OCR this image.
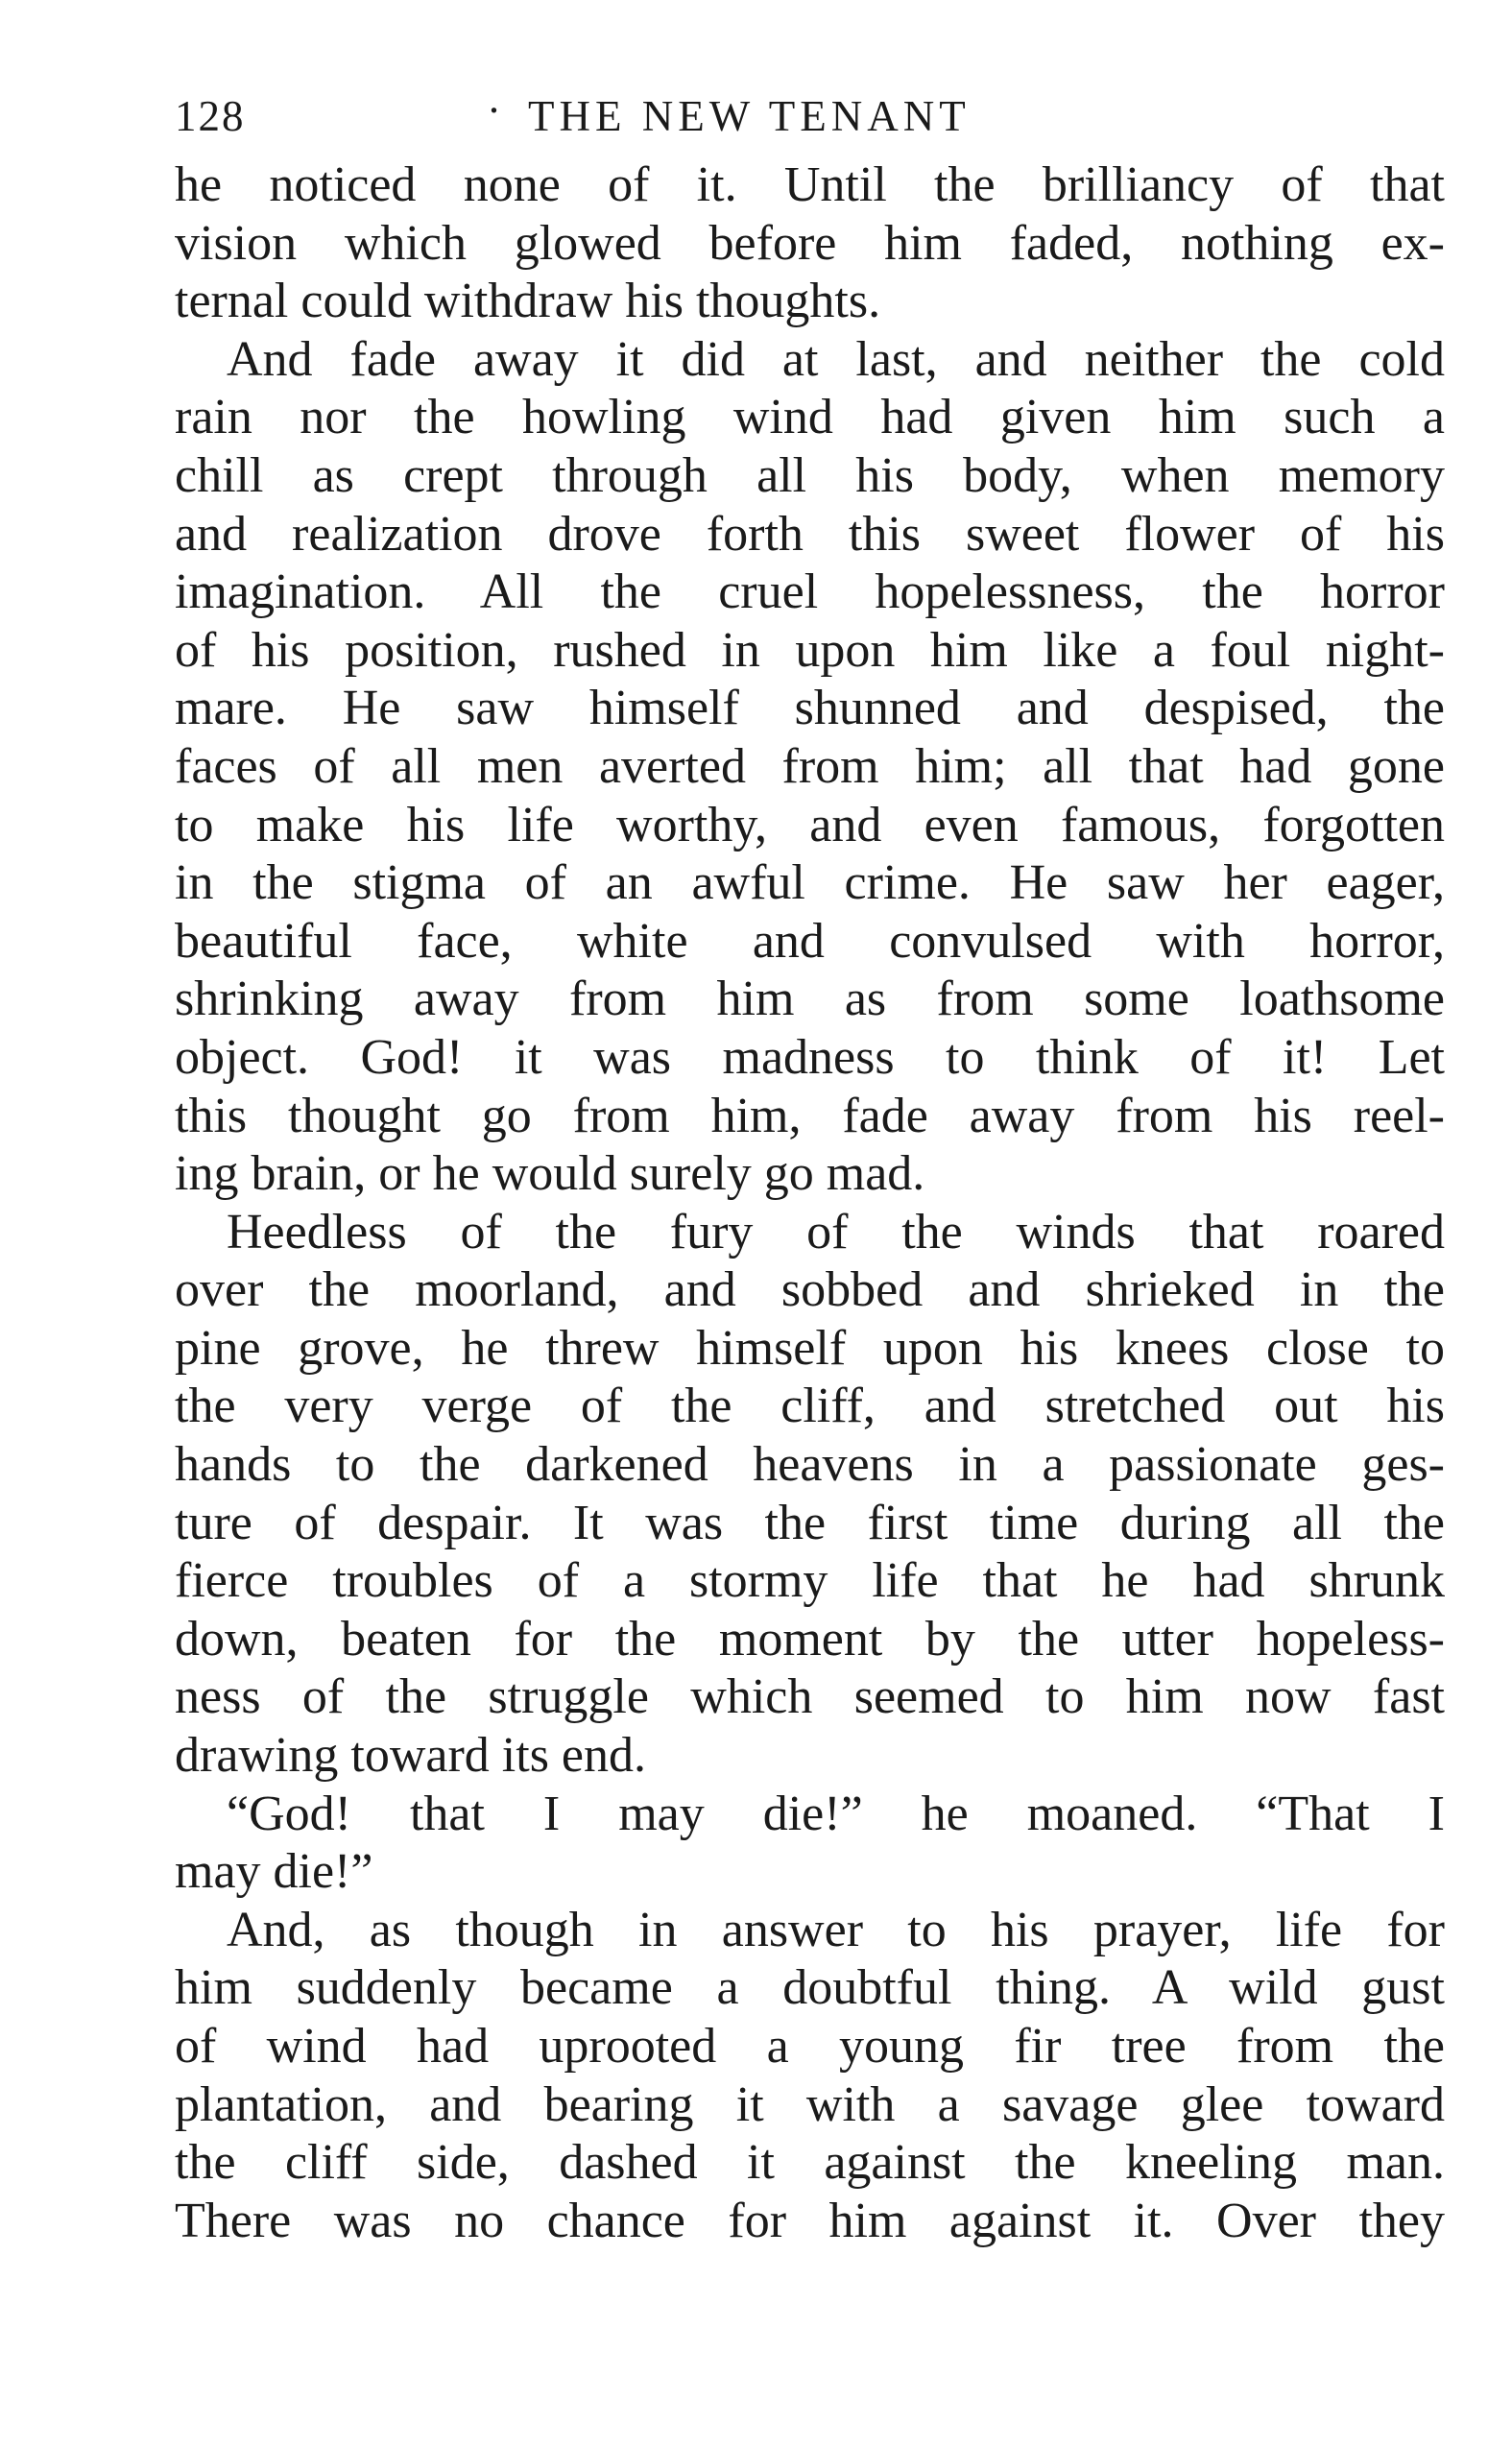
128	· THE NEW TENANT
he noticed none of it. Until the brilliancy of that
vision which glowed before him faded, nothing ex-
ternal could withdraw his thoughts.
And fade away it did at last, and neither the cold
rain nor the howling wind had given him such a
chill as crept through all his body, when memory
and realization drove forth this sweet flower of his
imagination. All the cruel hopelessness, the horror
of his position, rushed in upon him like a foul night-
mare. He saw himself shunned and despised, the
faces of all men averted from him; all that had gone
to make his life worthy, and even famous, forgotten
in the stigma of an awful crime. He saw her eager,
beautiful face, white and convulsed with horror,
shrinking away from him as from some loathsome
object. God! it was madness to think of it! Let
this thought go from him, fade away from his reel-
ing brain, or he would surely go mad.
Heedless of the fury of the winds that roared
over the moorland, and sobbed and shrieked in the
pine grove, he threw himself upon his knees close to
the very verge of the cliff, and stretched out his
hands to the darkened heavens in a passionate ges-
ture of despair. It was the first time during all the
fierce troubles of a stormy life that he had shrunk
down, beaten for the moment by the utter hopeless-
ness of the struggle which seemed to him now fast
drawing toward its end.
“God! that I may die!” he moaned. “That I
may die!”
And, as though in answer to his prayer, life for
him suddenly became a doubtful thing. A wild gust
of wind had uprooted a young fir tree from the
plantation, and bearing it with a savage glee toward
the cliff side, dashed it against the kneeling man.
There was no chance for him against it. Over they
